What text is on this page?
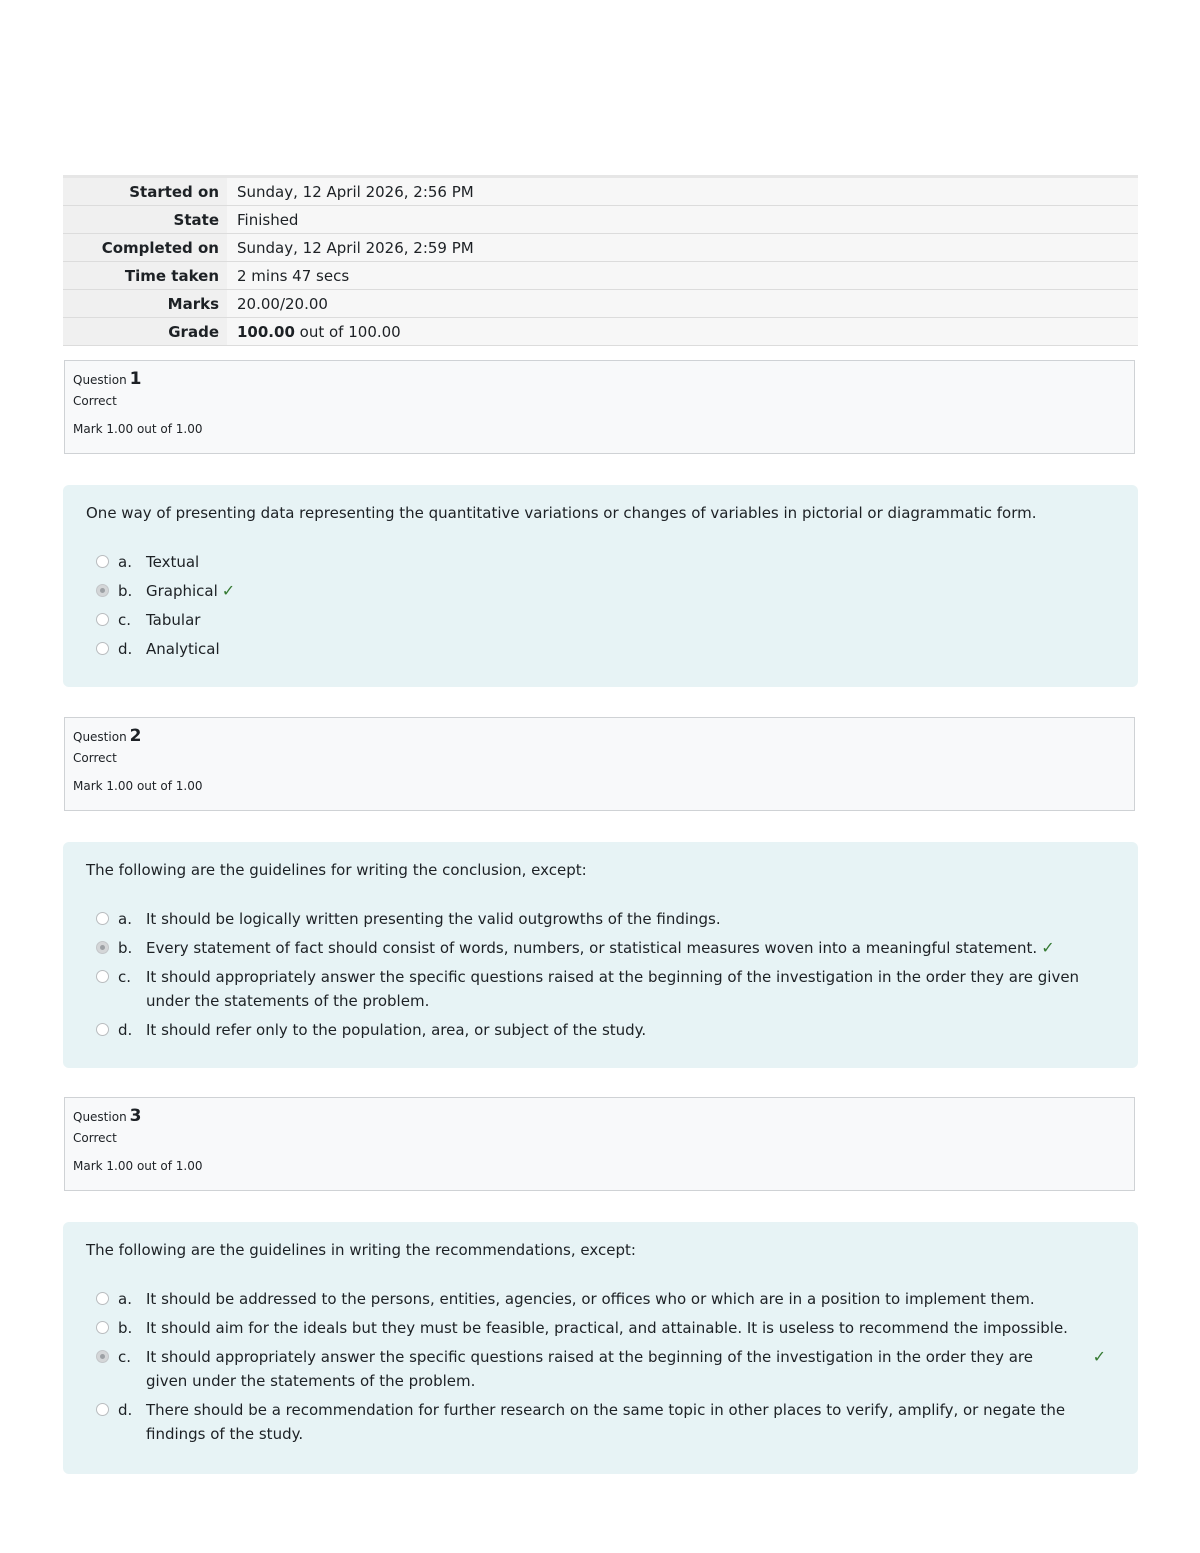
Started on	Sunday, 12 April 2026, 2:56 PM
State	Finished
Completed on	Sunday, 12 April 2026, 2:59 PM
Time taken	2 mins 47 secs
Marks	20.00/20.00
Grade	100.00 out of 100.00
Question 1
Correct
Mark 1.00 out of 1.00
One way of presenting data representing the quantitative variations or changes of variables in pictorial or diagrammatic form.
a. Textual
b. Graphical ✓
c. Tabular
d. Analytical
Question 2
Correct
Mark 1.00 out of 1.00
The following are the guidelines for writing the conclusion, except:
a. It should be logically written presenting the valid outgrowths of the findings.
b. Every statement of fact should consist of words, numbers, or statistical measures woven into a meaningful statement. ✓
c. It should appropriately answer the specific questions raised at the beginning of the investigation in the order they are given under the statements of the problem.
d. It should refer only to the population, area, or subject of the study.
Question 3
Correct
Mark 1.00 out of 1.00
The following are the guidelines in writing the recommendations, except:
a. It should be addressed to the persons, entities, agencies, or offices who or which are in a position to implement them.
b. It should aim for the ideals but they must be feasible, practical, and attainable. It is useless to recommend the impossible.
c. It should appropriately answer the specific questions raised at the beginning of the investigation in the order they are given under the statements of the problem.
✓
d. There should be a recommendation for further research on the same topic in other places to verify, amplify, or negate the findings of the study.
